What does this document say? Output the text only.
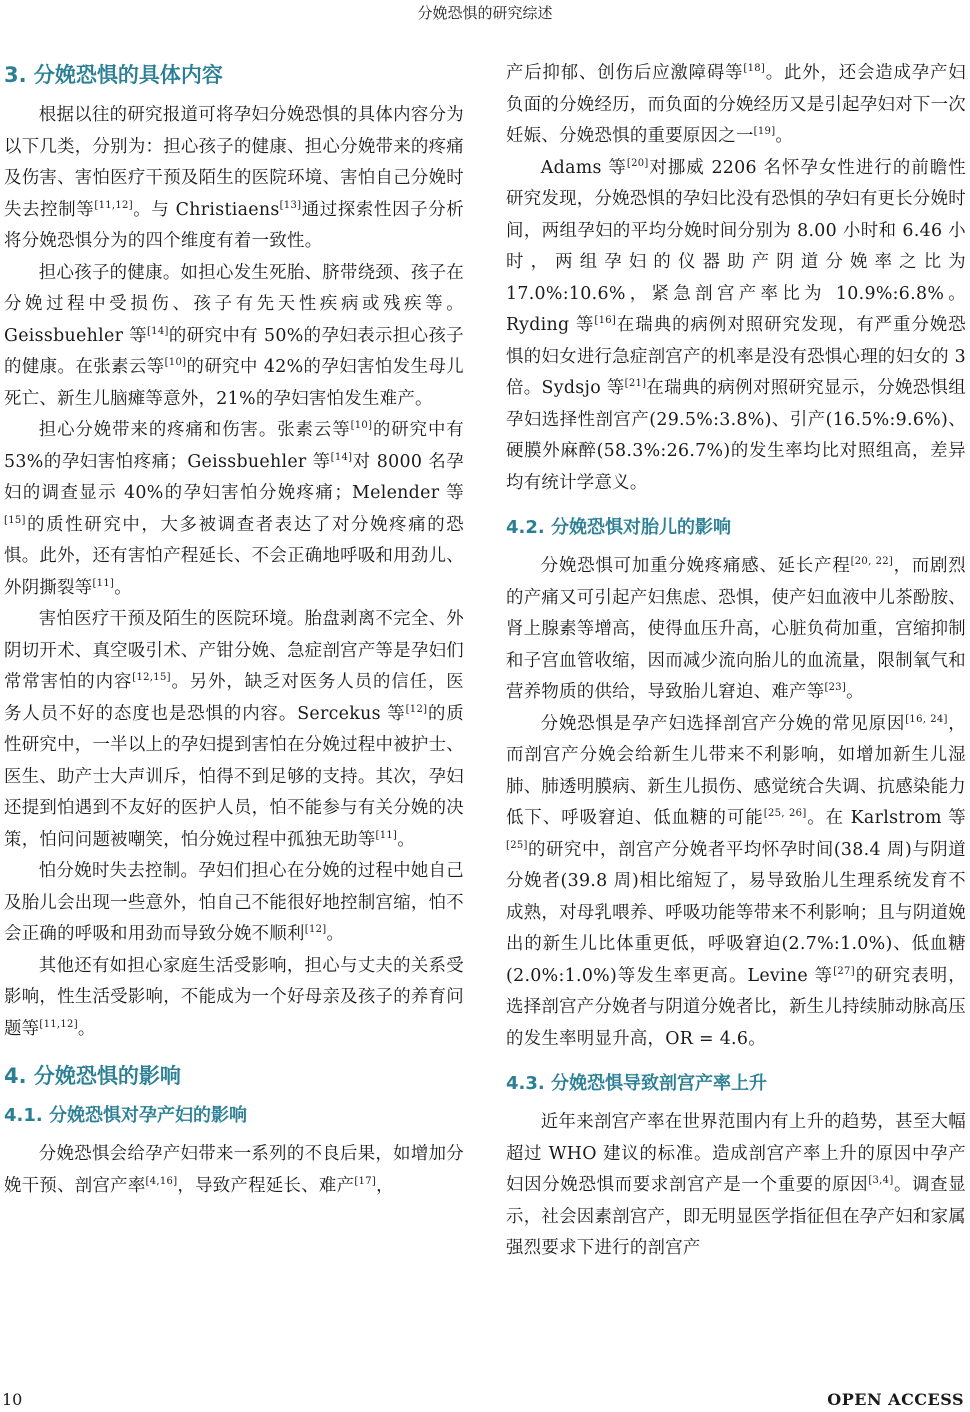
分娩恐惧的研究综述
3. 分娩恐惧的具体内容

根据以往的研究报道可将孕妇分娩恐惧的具体内容分为以下几类，分别为：担心孩子的健康、担心分娩带来的疼痛及伤害、害怕医疗干预及陌生的医院环境、害怕自己分娩时失去控制等[11,12]。与 Christiaens[13]通过探索性因子分析将分娩恐惧分为的四个维度有着一致性。

担心孩子的健康。如担心发生死胎、脐带绕颈、孩子在分娩过程中受损伤、孩子有先天性疾病或残疾等。Geissbuehler 等[14]的研究中有 50%的孕妇表示担心孩子的健康。在张素云等[10]的研究中 42%的孕妇害怕发生母儿死亡、新生儿脑瘫等意外，21%的孕妇害怕发生难产。

担心分娩带来的疼痛和伤害。张素云等[10]的研究中有 53%的孕妇害怕疼痛；Geissbuehler 等[14]对 8000 名孕妇的调查显示 40%的孕妇害怕分娩疼痛；Melender 等[15]的质性研究中，大多被调查者表达了对分娩疼痛的恐惧。此外，还有害怕产程延长、不会正确地呼吸和用劲儿、外阴撕裂等[11]。

害怕医疗干预及陌生的医院环境。胎盘剥离不完全、外阴切开术、真空吸引术、产钳分娩、急症剖宫产等是孕妇们常常害怕的内容[12,15]。另外，缺乏对医务人员的信任，医务人员不好的态度也是恐惧的内容。Sercekus 等[12]的质性研究中，一半以上的孕妇提到害怕在分娩过程中被护士、医生、助产士大声训斥，怕得不到足够的支持。其次，孕妇还提到怕遇到不友好的医护人员，怕不能参与有关分娩的决策，怕问问题被嘲笑，怕分娩过程中孤独无助等[11]。

怕分娩时失去控制。孕妇们担心在分娩的过程中她自己及胎儿会出现一些意外，怕自己不能很好地控制宫缩，怕不会正确的呼吸和用劲而导致分娩不顺利[12]。

其他还有如担心家庭生活受影响，担心与丈夫的关系受影响，性生活受影响，不能成为一个好母亲及孩子的养育问题等[11,12]。

4. 分娩恐惧的影响
4.1. 分娩恐惧对孕产妇的影响

分娩恐惧会给孕产妇带来一系列的不良后果，如增加分娩干预、剖宫产率[4,16]，导致产程延长、难产[17]，

产后抑郁、创伤后应激障碍等[18]。此外，还会造成孕产妇负面的分娩经历，而负面的分娩经历又是引起孕妇对下一次妊娠、分娩恐惧的重要原因之一[19]。

Adams 等[20]对挪威 2206 名怀孕女性进行的前瞻性研究发现，分娩恐惧的孕妇比没有恐惧的孕妇有更长分娩时间，两组孕妇的平均分娩时间分别为 8.00 小时和 6.46 小时，两组孕妇的仪器助产阴道分娩率之比为 17.0%:10.6%，紧急剖宫产率比为 10.9%:6.8%。Ryding 等[16]在瑞典的病例对照研究发现，有严重分娩恐惧的妇女进行急症剖宫产的机率是没有恐惧心理的妇女的 3 倍。Sydsjo 等[21]在瑞典的病例对照研究显示，分娩恐惧组孕妇选择性剖宫产(29.5%:3.8%)、引产(16.5%:9.6%)、硬膜外麻醉(58.3%:26.7%)的发生率均比对照组高，差异均有统计学意义。

4.2. 分娩恐惧对胎儿的影响

分娩恐惧可加重分娩疼痛感、延长产程[20, 22]，而剧烈的产痛又可引起产妇焦虑、恐惧，使产妇血液中儿茶酚胺、肾上腺素等增高，使得血压升高，心脏负荷加重，宫缩抑制和子宫血管收缩，因而减少流向胎儿的血流量，限制氧气和营养物质的供给，导致胎儿窘迫、难产等[23]。

分娩恐惧是孕产妇选择剖宫产分娩的常见原因[16, 24]，而剖宫产分娩会给新生儿带来不利影响，如增加新生儿湿肺、肺透明膜病、新生儿损伤、感觉统合失调、抗感染能力低下、呼吸窘迫、低血糖的可能[25, 26]。在 Karlstrom 等[25]的研究中，剖宫产分娩者平均怀孕时间(38.4 周)与阴道分娩者(39.8 周)相比缩短了，易导致胎儿生理系统发育不成熟，对母乳喂养、呼吸功能等带来不利影响；且与阴道娩出的新生儿比体重更低，呼吸窘迫(2.7%:1.0%)、低血糖 (2.0%:1.0%)等发生率更高。Levine 等[27]的研究表明，选择剖宫产分娩者与阴道分娩者比，新生儿持续肺动脉高压的发生率明显升高，OR = 4.6。

4.3. 分娩恐惧导致剖宫产率上升

近年来剖宫产率在世界范围内有上升的趋势，甚至大幅超过 WHO 建议的标准。造成剖宫产率上升的原因中孕产妇因分娩恐惧而要求剖宫产是一个重要的原因[3,4]。调查显示，社会因素剖宫产，即无明显医学指征但在孕产妇和家属强烈要求下进行的剖宫产

10	OPEN ACCESS
